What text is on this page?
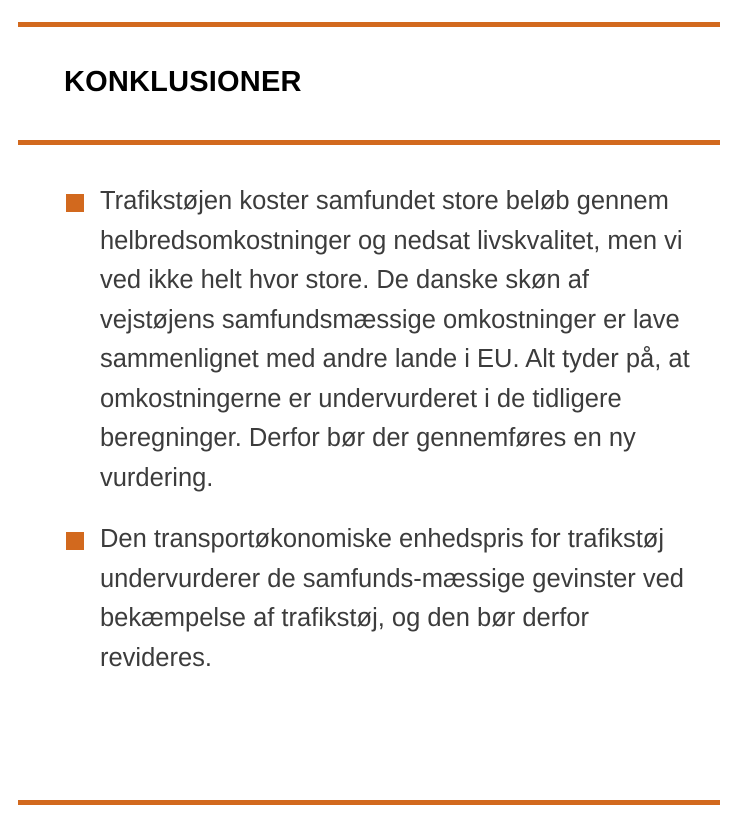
KONKLUSIONER
Trafikstøjen koster samfundet store beløb gennem helbredsomkostninger og nedsat livskvalitet, men vi ved ikke helt hvor store. De danske skøn af vejstøjens samfundsmæssige omkostninger er lave sammenlignet med andre lande i EU. Alt tyder på, at omkostningerne er undervurderet i de tidligere beregninger. Derfor bør der gennemføres en ny vurdering.
Den transportøkonomiske enhedspris for trafikstøj undervurderer de samfunds-mæssige gevinster ved bekæmpelse af trafikstøj, og den bør derfor revideres.
